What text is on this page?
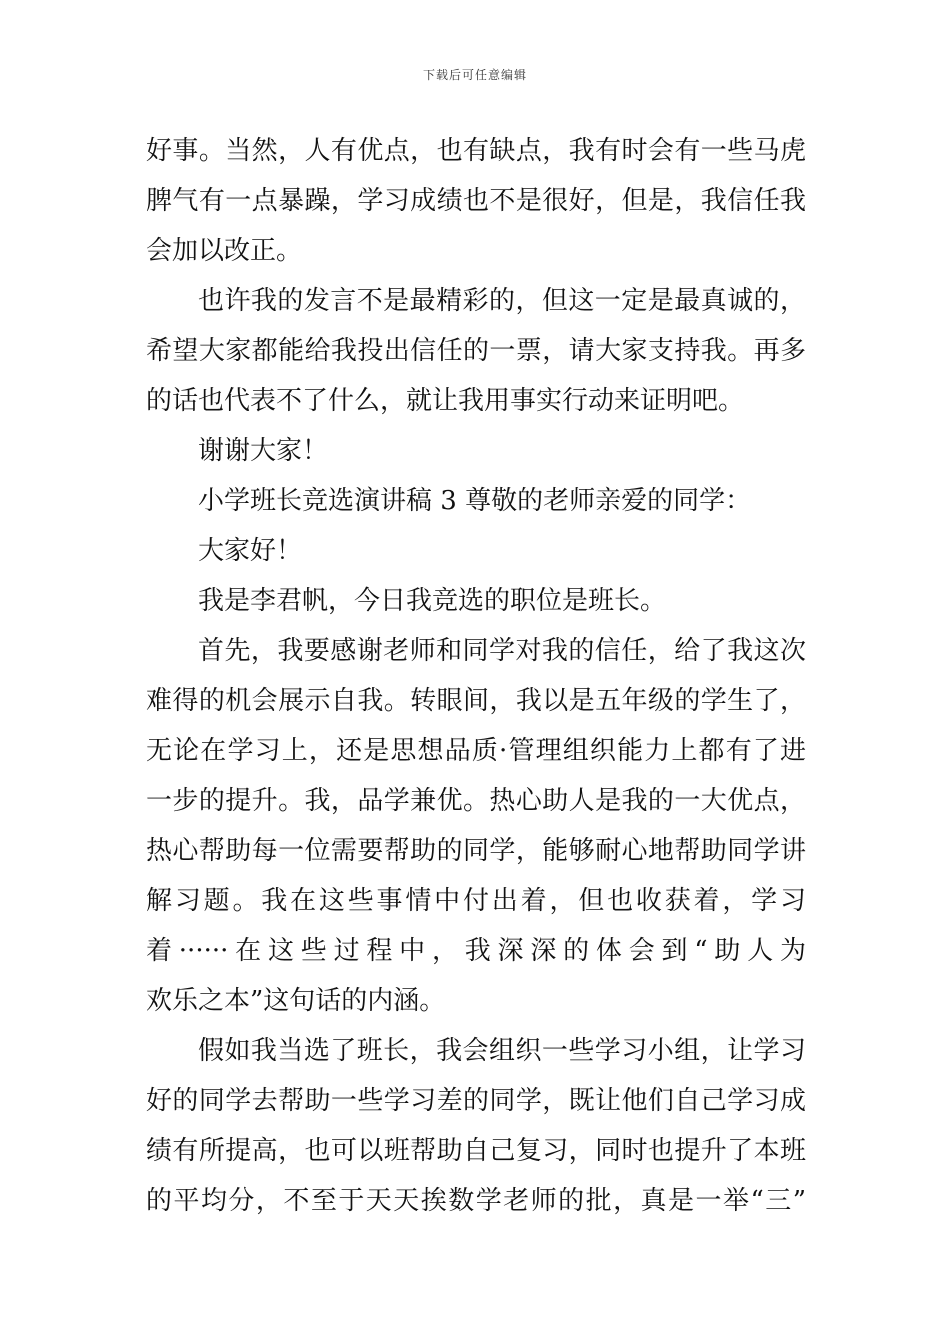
下载后可任意编辑
好事。当然，人有优点，也有缺点，我有时会有一些马虎
脾气有一点暴躁，学习成绩也不是很好，但是，我信任我
会加以改正。
也许我的发言不是最精彩的，但这一定是最真诚的，
希望大家都能给我投出信任的一票，请大家支持我。再多
的话也代表不了什么，就让我用事实行动来证明吧。
谢谢大家！
小学班长竞选演讲稿 3 尊敬的老师亲爱的同学：
大家好！
我是李君帆，今日我竞选的职位是班长。
首先，我要感谢老师和同学对我的信任，给了我这次
难得的机会展示自我。转眼间，我以是五年级的学生了，
无论在学习上，还是思想品质·管理组织能力上都有了进
一步的提升。我，品学兼优。热心助人是我的一大优点，
热心帮助每一位需要帮助的同学，能够耐心地帮助同学讲
解习题。我在这些事情中付出着，但也收获着，学习
着······在这些过程中，我深深的体会到“助人为
欢乐之本”这句话的内涵。
假如我当选了班长，我会组织一些学习小组，让学习
好的同学去帮助一些学习差的同学，既让他们自己学习成
绩有所提高，也可以班帮助自己复习，同时也提升了本班
的平均分，不至于天天挨数学老师的批，真是一举“三”
